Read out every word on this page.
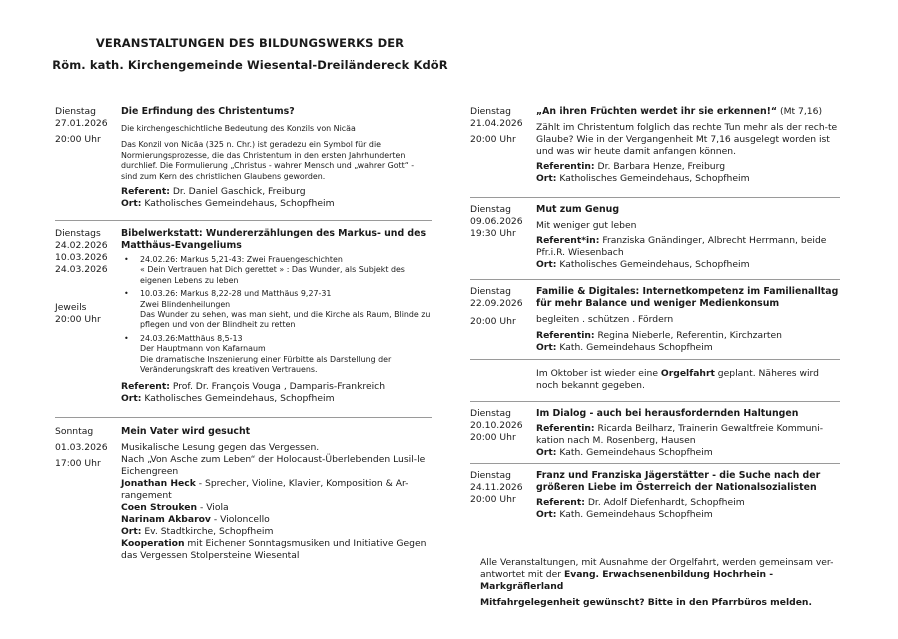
VERANSTALTUNGEN DES BILDUNGSWERKS DER
Röm. kath. Kirchengemeinde Wiesental-Dreiländereck KdöR
Dienstag
27.01.2026
20:00 Uhr
Die Erfindung des Christentums?
Die kirchengeschichtliche Bedeutung des Konzils von Nicäa
Das Konzil von Nicäa (325 n. Chr.) ist geradezu ein Symbol für die Normierungsprozesse, die das Christentum in den ersten Jahrhunderten durchlief. Die Formulierung „Christus - wahrer Mensch und „wahrer Gott“ - sind zum Kern des christlichen Glaubens geworden.
Referent: Dr. Daniel Gaschick, Freiburg
Ort: Katholisches Gemeindehaus, Schopfheim
Dienstags
24.02.2026
10.03.2026
24.03.2026
Jeweils
20:00 Uhr
Bibelwerkstatt: Wundererzählungen des Markus- und des Matthäus-Evangeliums
• 24.02.26: Markus 5,21-43: Zwei Frauengeschichten
« Dein Vertrauen hat Dich gerettet » : Das Wunder, als Subjekt des eigenen Lebens zu leben
• 10.03.26: Markus 8,22-28 und Matthäus 9,27-31
Zwei Blindenheilungen
Das Wunder zu sehen, was man sieht, und die Kirche als Raum, Blinde zu pflegen und von der Blindheit zu retten
• 24.03.26:Matthäus 8,5-13
Der Hauptmann von Kafarnaum
Die dramatische Inszenierung einer Fürbitte als Darstellung der Veränderungskraft des kreativen Vertrauens.
Referent: Prof. Dr. François Vouga , Damparis-Frankreich
Ort: Katholisches Gemeindehaus, Schopfheim
Sonntag
01.03.2026
17:00 Uhr
Mein Vater wird gesucht
Musikalische Lesung gegen das Vergessen.
Nach „Von Asche zum Leben“ der Holocaust-Überlebenden Lusil-le Eichengreen
Jonathan Heck - Sprecher, Violine, Klavier, Komposition & Ar-rangement
Coen Strouken - Viola
Narinam Akbarov - Violoncello
Ort: Ev. Stadtkirche, Schopfheim
Kooperation mit Eichener Sonntagsmusiken und Initiative Gegen das Vergessen Stolpersteine Wiesental
Dienstag
21.04.2026
20:00 Uhr
„An ihren Früchten werdet ihr sie erkennen!“ (Mt 7,16)
Zählt im Christentum folglich das rechte Tun mehr als der rech-te Glaube? Wie in der Vergangenheit Mt 7,16 ausgelegt worden ist und was wir heute damit anfangen können.
Referentin: Dr. Barbara Henze, Freiburg
Ort: Katholisches Gemeindehaus, Schopfheim
Dienstag
09.06.2026
19:30 Uhr
Mut zum Genug
Mit weniger gut leben
Referent*in: Franziska Gnändinger, Albrecht Herrmann, beide Pfr.i.R. Wiesenbach
Ort: Katholisches Gemeindehaus, Schopfheim
Dienstag
22.09.2026
20:00 Uhr
Familie & Digitales: Internetkompetenz im Familienalltag für mehr Balance und weniger Medienkonsum
begleiten . schützen . Fördern
Referentin: Regina Nieberle, Referentin, Kirchzarten
Ort: Kath. Gemeindehaus Schopfheim
Im Oktober ist wieder eine Orgelfahrt geplant. Näheres wird noch bekannt gegeben.
Dienstag
20.10.2026
20:00 Uhr
Im Dialog - auch bei herausfordernden Haltungen
Referentin: Ricarda Beilharz, Trainerin Gewaltfreie Kommuni-kation nach M. Rosenberg, Hausen
Ort: Kath. Gemeindehaus Schopfheim
Dienstag
24.11.2026
20:00 Uhr
Franz und Franziska Jägerstätter - die Suche nach der größeren Liebe im Österreich der Nationalsozialisten
Referent: Dr. Adolf Diefenhardt, Schopfheim
Ort: Kath. Gemeindehaus Schopfheim
Alle Veranstaltungen, mit Ausnahme der Orgelfahrt, werden gemeinsam ver-antwortet mit der Evang. Erwachsenenbildung Hochrhein - Markgräflerland
Mitfahrgelegenheit gewünscht? Bitte in den Pfarrbüros melden.
